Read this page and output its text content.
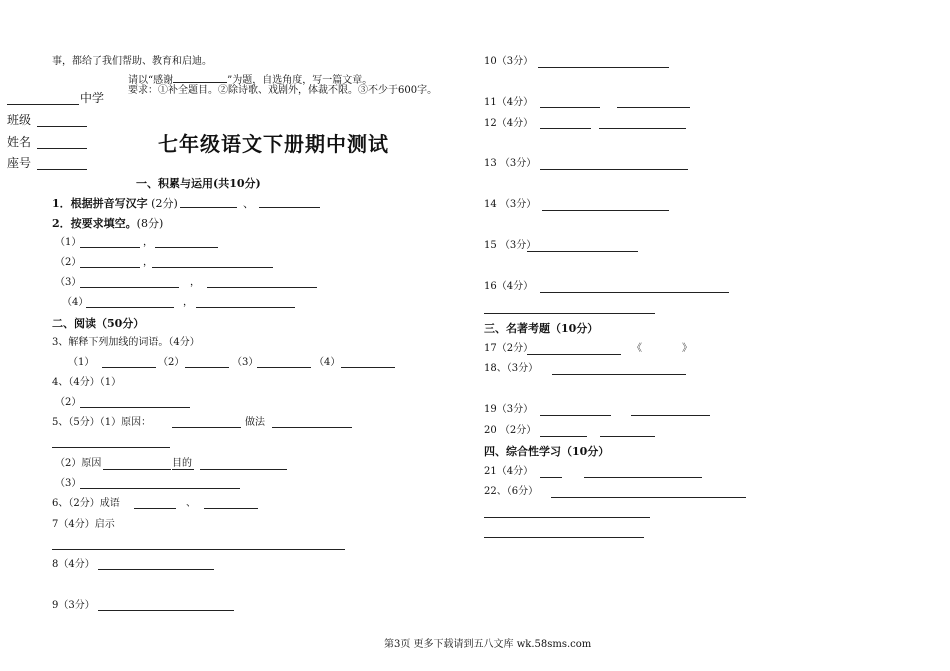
事，都给了我们帮助、教育和启迪。
请以“感谢	”为题，自选角度，写一篇文章。
要求：①补全题目。②除诗歌、戏剧外，体裁不限。③不少于600字。
中学
班级
姓名
座号
七年级语文下册期中测试
一、积累与运用(共10分)
1．根据拼音写汉字 (2分)	、
2．按要求填空。(8分)
（1）	，
（2）	，
（3）	，
（4）	，
二、阅读（50分）
3、解释下列加线的词语。（4分）
（1）	（2）	（3）	（4）
4、（4分）（1）
（2）
5、（5分）（1）原因：	做法
（2）原因	目的
（3）
6、（2分）成语	、
7（4分）启示
8（4分）
9（3分）
10（3分）
11（4分）
12（4分）
13 （3分）
14 （3分）
15 （3分）
16（4分）
三、名著考题（10分）
17（2分）	《　　　　》
18、（3分）
19（3分）
20 （2分）
四、综合性学习（10分）
21（4分）
22、（6分）
第3页 更多下载请到五八文库 wk.58sms.com
